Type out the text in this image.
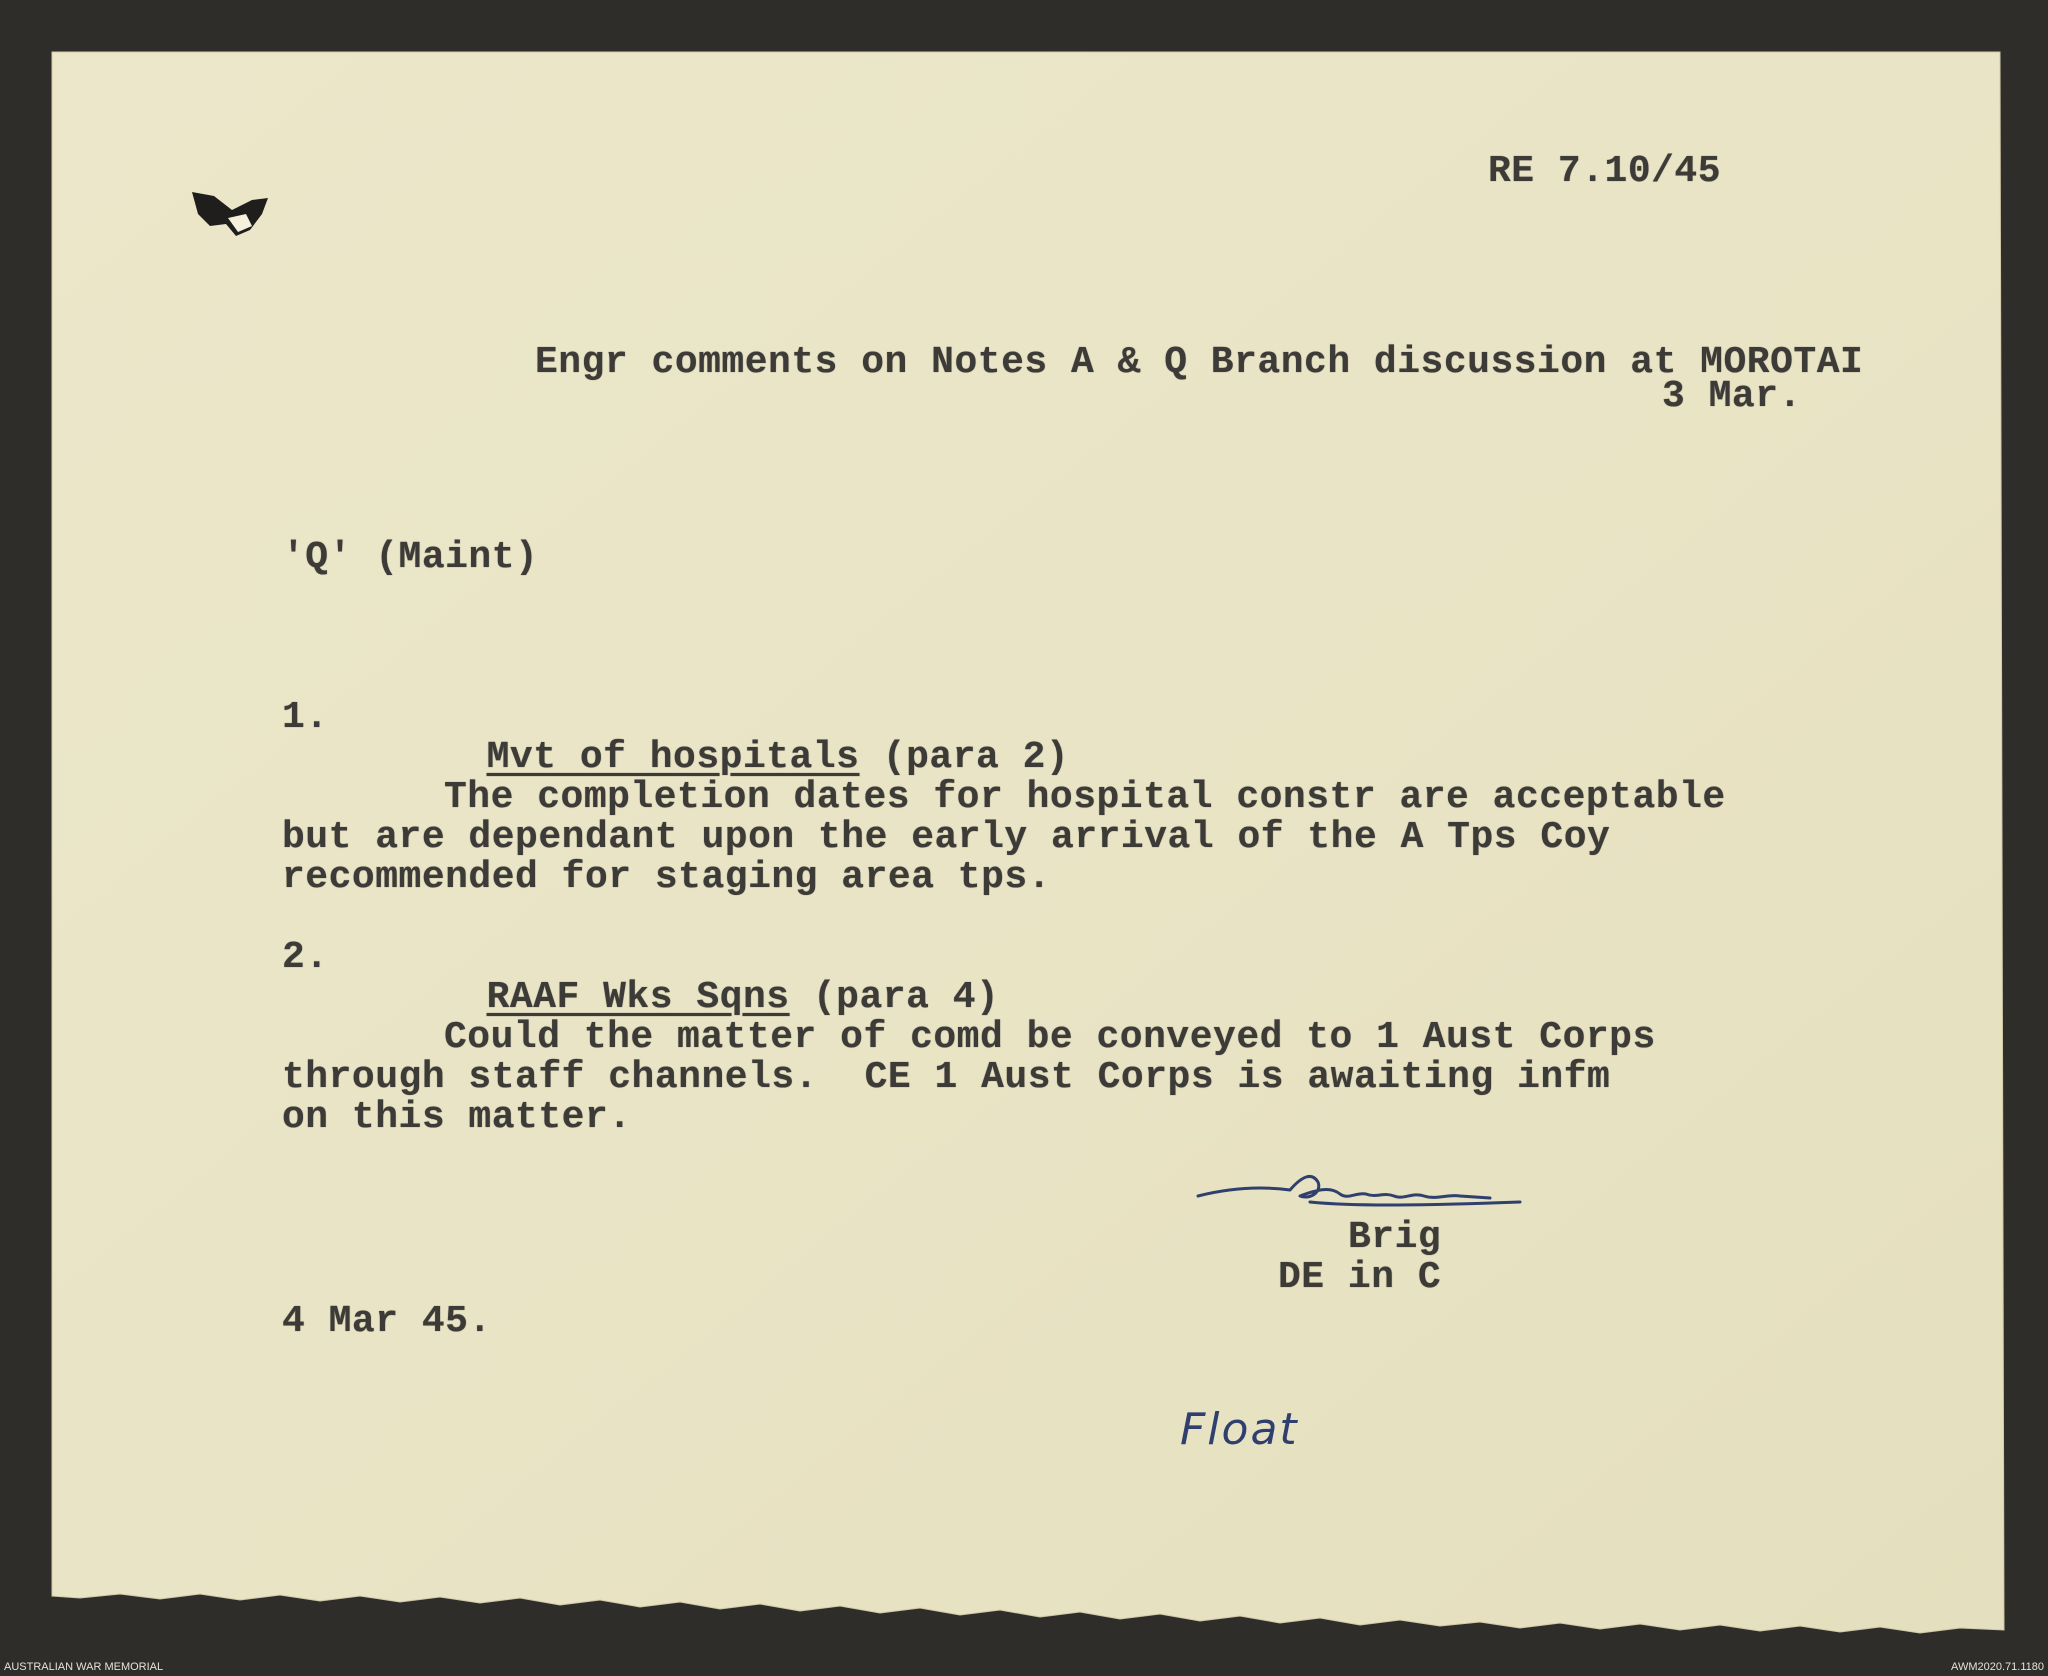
RE 7.10/45
Engr comments on Notes A & Q Branch discussion at MOROTAI
3 Mar.
'Q' (Maint)
1.

Mvt of hospitals (para 2)

The completion dates for hospital constr are acceptable
but are dependant upon the early arrival of the A Tps Coy
recommended for staging area tps.
2.

RAAF Wks Sqns (para 4)

Could the matter of comd be conveyed to 1 Aust Corps
through staff channels.  CE 1 Aust Corps is awaiting infm
on this matter.
Brig
DE in C
4 Mar 45.
Float
AUSTRALIAN WAR MEMORIAL	AWM2020.71.1180
